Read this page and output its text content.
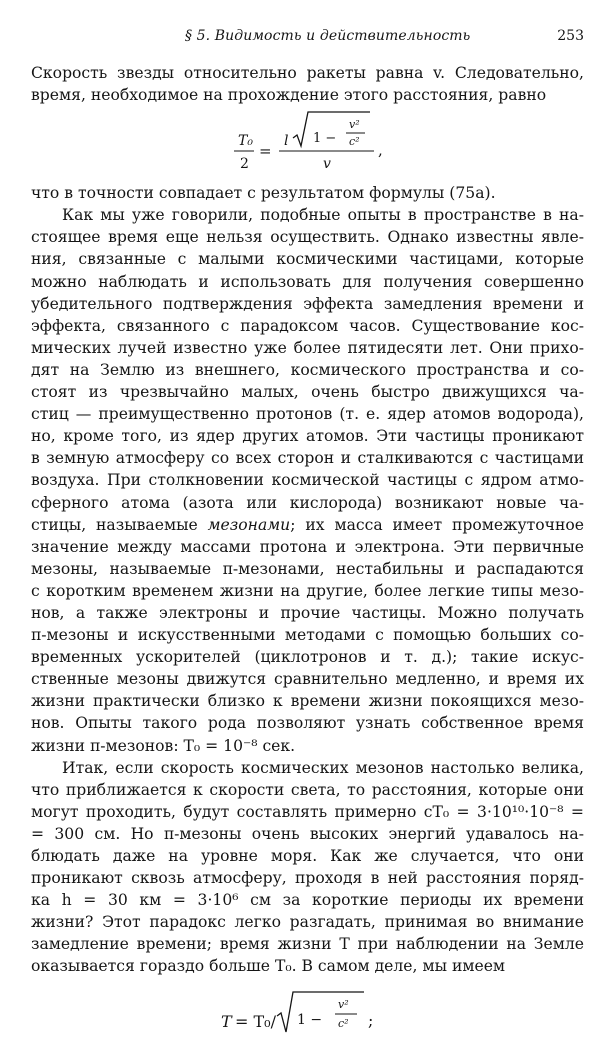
§ 5. Видимость и действительность	253

Скорость звезды относительно ракеты равна v. Следовательно,

время, необходимое на прохождение этого расстояния, равно

T₀
2
=
l 1 −
v²
c²
v
,

что в точности совпадает с результатом формулы (75а).

Как мы уже говорили, подобные опыты в пространстве в на-

стоящее время еще нельзя осуществить. Однако известны явле-

ния, связанные с малыми космическими частицами, которые

можно наблюдать и использовать для получения совершенно

убедительного подтверждения эффекта замедления времени и

эффекта, связанного с парадоксом часов. Существование кос-

мических лучей известно уже более пятидесяти лет. Они прихо-

дят на Землю из внешнего, космического пространства и со-

стоят из чрезвычайно малых, очень быстро движущихся ча-

стиц — преимущественно протонов (т. е. ядер атомов водорода),

но, кроме того, из ядер других атомов. Эти частицы проникают

в земную атмосферу со всех сторон и сталкиваются с частицами

воздуха. При столкновении космической частицы с ядром атмо-

сферного атома (азота или кислорода) возникают новые ча-

стицы, называемые мезонами; их масса имеет промежуточное

значение между массами протона и электрона. Эти первичные

мезоны, называемые π-мезонами, нестабильны и распадаются

с коротким временем жизни на другие, более легкие типы мезо-

нов, а также электроны и прочие частицы. Можно получать

π-мезоны и искусственными методами с помощью больших со-

временных ускорителей (циклотронов и т. д.); такие искус-

ственные мезоны движутся сравнительно медленно, и время их

жизни практически близко к времени жизни покоящихся мезо-

нов. Опыты такого рода позволяют узнать собственное время

жизни π-мезонов: T₀ = 10⁻⁸ сек.

Итак, если скорость космических мезонов настолько велика,

что приближается к скорости света, то расстояния, которые они

могут проходить, будут составлять примерно cT₀ = 3·10¹⁰·10⁻⁸ =

= 300 см. Но π-мезоны очень высоких энергий удавалось на-

блюдать даже на уровне моря. Как же случается, что они

проникают сквозь атмосферу, проходя в ней расстояния поряд-

ка h = 30 км = 3·10⁶ см за короткие периоды их времени

жизни? Этот парадокс легко разгадать, принимая во внимание

замедление времени; время жизни T при наблюдении на Земле

оказывается гораздо больше T₀. В самом деле, мы имеем

T = T₀/ 1 −
v²
c² ;
